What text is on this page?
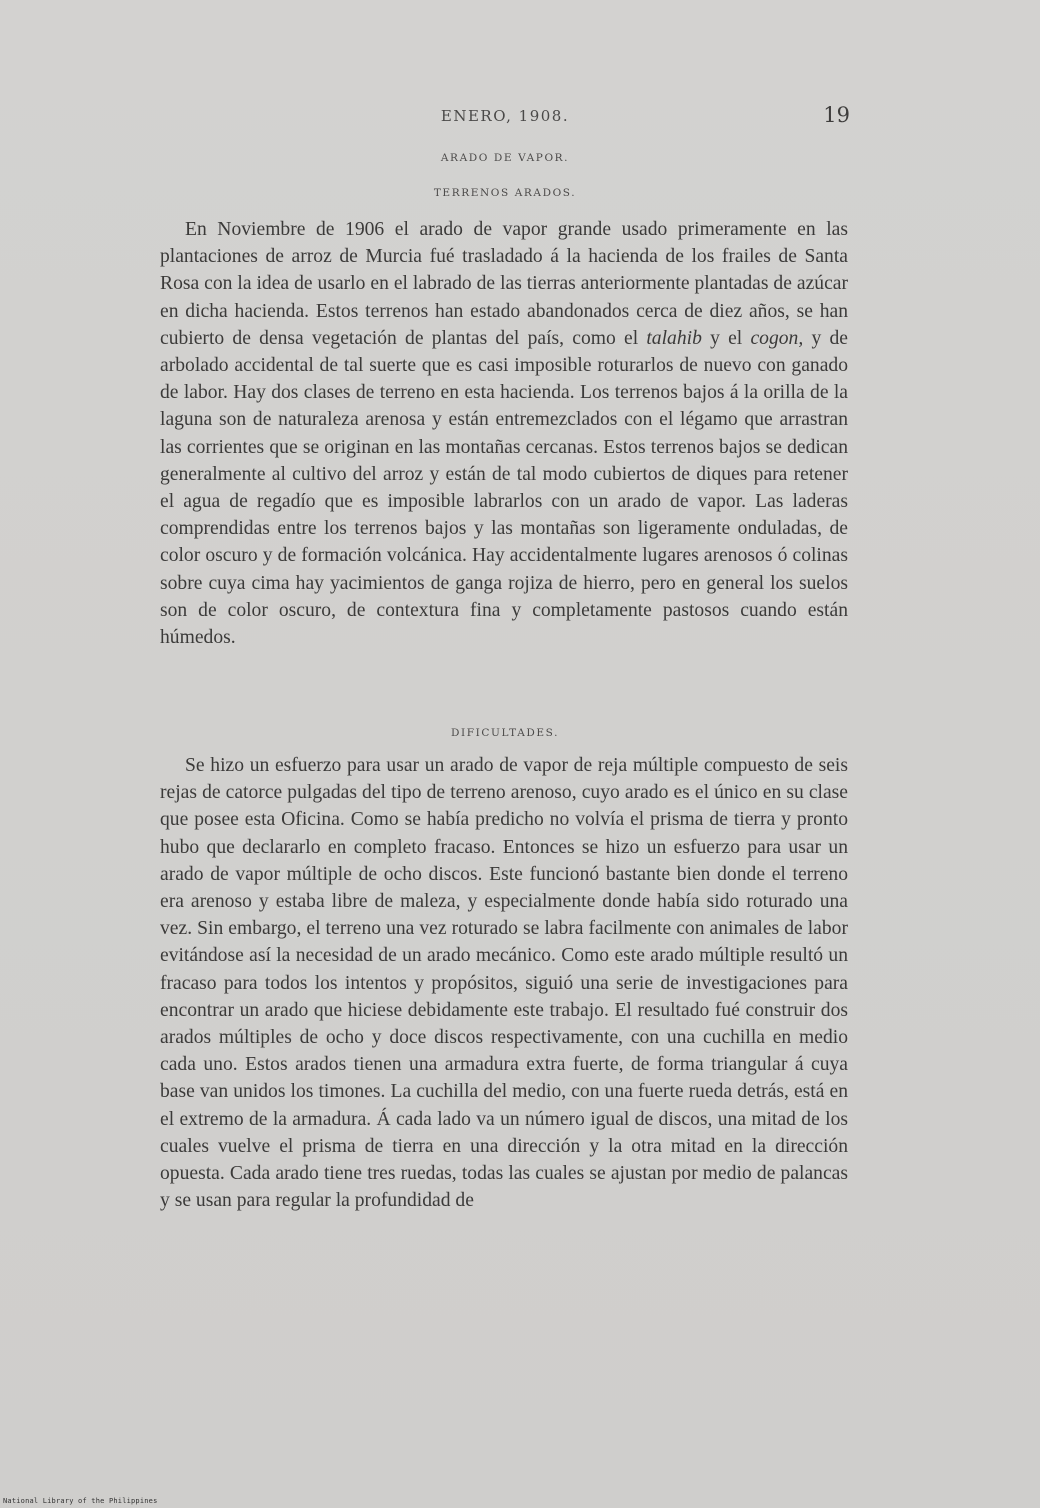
ENERO, 1908.	19
ARADO DE VAPOR.
TERRENOS ARADOS.

En Noviembre de 1906 el arado de vapor grande usado primeramente en las plantaciones de arroz de Murcia fué trasladado á la hacienda de los frailes de Santa Rosa con la idea de usarlo en el labrado de las tierras anteriormente plantadas de azúcar en dicha hacienda. Estos terrenos han estado abandonados cerca de diez años, se han cubierto de densa vegetación de plantas del país, como el talahib y el cogon, y de arbolado accidental de tal suerte que es casi imposible roturarlos de nuevo con ganado de labor. Hay dos clases de terreno en esta hacienda. Los terrenos bajos á la orilla de la laguna son de naturaleza arenosa y están entremezclados con el légamo que arrastran las corrientes que se originan en las montañas cercanas. Estos terrenos bajos se dedican generalmente al cultivo del arroz y están de tal modo cubiertos de diques para retener el agua de regadío que es imposible labrarlos con un arado de vapor. Las laderas comprendidas entre los terrenos bajos y las montañas son ligeramente onduladas, de color oscuro y de formación volcánica. Hay accidentalmente lugares arenosos ó colinas sobre cuya cima hay yacimientos de ganga rojiza de hierro, pero en general los suelos son de color oscuro, de contextura fina y completamente pastosos cuando están húmedos.

DIFICULTADES.

Se hizo un esfuerzo para usar un arado de vapor de reja múltiple compuesto de seis rejas de catorce pulgadas del tipo de terreno arenoso, cuyo arado es el único en su clase que posee esta Oficina. Como se había predicho no volvía el prisma de tierra y pronto hubo que declararlo en completo fracaso. Entonces se hizo un esfuerzo para usar un arado de vapor múltiple de ocho discos. Este funcionó bastante bien donde el terreno era arenoso y estaba libre de maleza, y especialmente donde había sido roturado una vez. Sin embargo, el terreno una vez roturado se labra facilmente con animales de labor evitándose así la necesidad de un arado mecánico. Como este arado múltiple resultó un fracaso para todos los intentos y propósitos, siguió una serie de investigaciones para encontrar un arado que hiciese debidamente este trabajo. El resultado fué construir dos arados múltiples de ocho y doce discos respectivamente, con una cuchilla en medio cada uno. Estos arados tienen una armadura extra fuerte, de forma triangular á cuya base van unidos los timones. La cuchilla del medio, con una fuerte rueda detrás, está en el extremo de la armadura. Á cada lado va un número igual de discos, una mitad de los cuales vuelve el prisma de tierra en una dirección y la otra mitad en la dirección opuesta. Cada arado tiene tres ruedas, todas las cuales se ajustan por medio de palancas y se usan para regular la profundidad de

National Library of the Philippines
